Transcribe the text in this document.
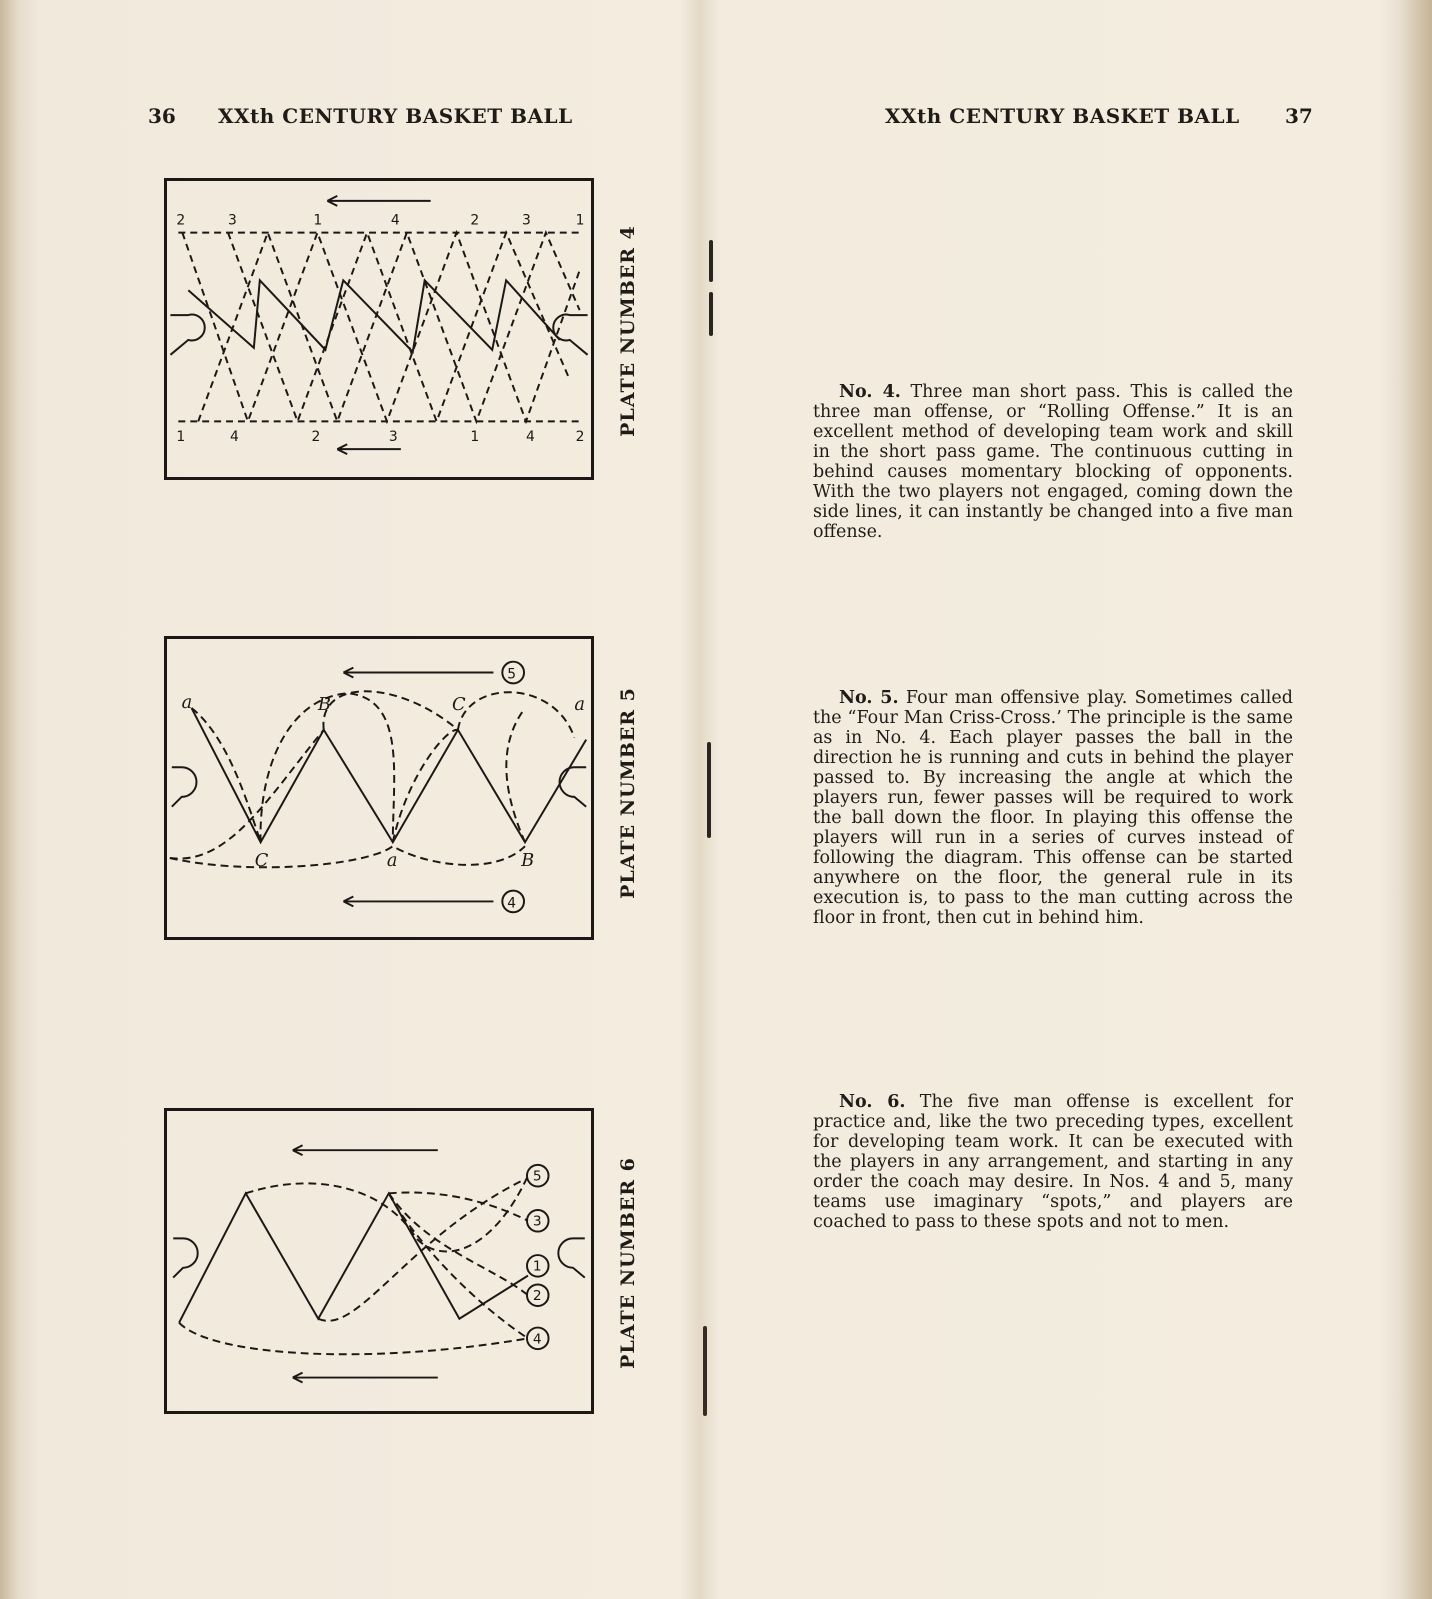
36 XXth CENTURY BASKET BALL
2	3	1	4	2	3	1
1	4	2	3	1	4	2
PLATE NUMBER 4
5
4
a	B	C	a
C	a	B	PLATE NUMBER 5
5
3
1
2
4	PLATE NUMBER 6
XXth CENTURY BASKET BALL 37

No. 4. Three man short pass. This is called the three man offense, or “Rolling Offense.” It is an excellent method of developing team work and skill in the short pass game. The continuous cutting in behind causes momentary blocking of opponents. With the two players not engaged, coming down the side lines, it can instantly be changed into a five man offense.

No. 5. Four man offensive play. Sometimes called the “Four Man Criss-Cross.’ The principle is the same as in No. 4. Each player passes the ball in the direction he is running and cuts in behind the player passed to. By increasing the angle at which the players run, fewer passes will be required to work the ball down the floor. In playing this offense the players will run in a series of curves instead of following the diagram. This offense can be started anywhere on the floor, the general rule in its execution is, to pass to the man cutting across the floor in front, then cut in behind him.

No. 6. The five man offense is excellent for practice and, like the two preceding types, excellent for developing team work. It can be executed with the players in any arrangement, and starting in any order the coach may desire. In Nos. 4 and 5, many teams use imaginary “spots,” and players are coached to pass to these spots and not to men.
